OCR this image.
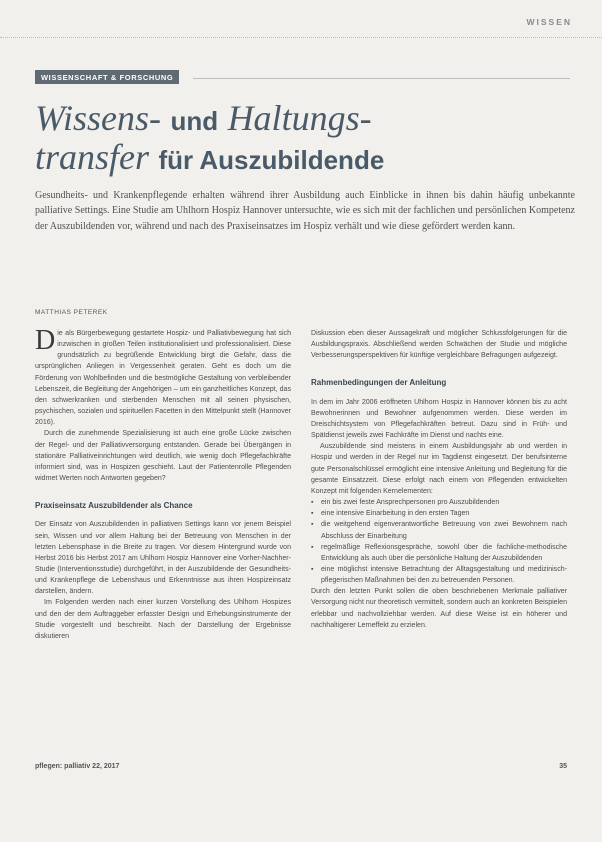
WISSEN
WISSENSCHAFT & FORSCHUNG
Wissens- und Haltungs-
transfer für Auszubildende
Gesundheits- und Krankenpflegende erhalten während ihrer Ausbildung auch Einblicke in ihnen bis dahin häufig unbekannte palliative Settings. Eine Studie am Uhlhorn Hospiz Hannover untersuchte, wie es sich mit der fachlichen und persönlichen Kompetenz der Auszubildenden vor, während und nach des Praxiseinsatzes im Hospiz verhält und wie diese gefördert werden kann.
MATTHIAS PETEREK

Die als Bürgerbewegung gestartete Hospiz- und Palliativbewegung hat sich inzwischen in großen Teilen institutionalisiert und professionalisiert. Diese grundsätzlich zu begrüßende Entwicklung birgt die Gefahr, dass die ursprünglichen Anliegen in Vergessenheit geraten. Geht es doch um die Förderung von Wohlbefinden und die bestmögliche Gestaltung von verbleibender Lebenszeit, die Begleitung der Angehörigen – um ein ganzheitliches Konzept, das den schwerkranken und sterbenden Menschen mit all seinen physischen, psychischen, sozialen und spirituellen Facetten in den Mittelpunkt stellt (Hannover 2016).

Durch die zunehmende Spezialisierung ist auch eine große Lücke zwischen der Regel- und der Palliativversorgung entstanden. Gerade bei Übergängen in stationäre Palliativeinrichtungen wird deutlich, wie wenig doch Pflegefachkräfte informiert sind, was in Hospizen geschieht. Laut der Patientenrolle Pflegenden widmet Werten noch Antworten gegeben?

Praxiseinsatz Auszubildender als Chance

Der Einsatz von Auszubildenden in palliativen Settings kann vor jenem Beispiel sein, Wissen und vor allem Haltung bei der Betreuung von Menschen in der letzten Lebensphase in die Breite zu tragen. Vor diesem Hintergrund wurde von Herbst 2016 bis Herbst 2017 am Uhlhorn Hospiz Hannover eine Vorher-Nachher-Studie (Interventionsstudie) durchgeführt, in der Auszubildende der Gesundheits- und Krankenpflege die Lebenshaus und Erkenntnisse aus ihren Hospizeinsatz darstellen, ändern.

Im Folgenden werden nach einer kurzen Vorstellung des Uhlhorn Hospizes und den der dem Auftraggeber erfasster Design und Erhebungsinstrumente der Studie vorgestellt und beschreibt. Nach der Darstellung der Ergebnisse diskutieren

Diskussion eben dieser Aussagekraft und möglicher Schlussfolgerungen für die Ausbildungspraxis. Abschließend werden Schwächen der Studie und mögliche Verbesserungsperspektiven für künftige vergleichbare Befragungen aufgezeigt.

Rahmenbedingungen der Anleitung

In dem im Jahr 2006 eröffneten Uhlhorn Hospiz in Hannover können bis zu acht Bewohnerinnen und Bewohner aufgenommen werden. Diese werden im Dreischichtsystem von Pflegefachkräften betreut. Dazu sind in Früh- und Spätdienst jeweils zwei Fachkräfte im Dienst und nachts eine.

Auszubildende sind meistens in einem Ausbildungsjahr ab und werden in Hospiz und werden in der Regel nur im Tagdienst eingesetzt. Der berufsinterne gute Personalschlüssel ermöglicht eine intensive Anleitung und Begleitung für die gesamte Einsatzzeit. Diese erfolgt nach einem von Pflegenden entwickelten Konzept mit folgenden Kernelementen:

▪ ein bis zwei feste Ansprechpersonen pro Auszubildenden
▪ eine intensive Einarbeitung in den ersten Tagen
▪ die weitgehend eigenverantwortliche Betreuung von zwei Bewohnern nach Abschluss der Einarbeitung
▪ regelmäßige Reflexionsgespräche, sowohl über die fachliche-methodische Entwicklung als auch über die persönliche Haltung der Auszubildenden
▪ eine möglichst intensive Betrachtung der Alltagsgestaltung und medizinisch-pflegerischen Maßnahmen bei den zu betreuenden Personen.

Durch den letzten Punkt sollen die oben beschriebenen Merkmale palliativer Versorgung nicht nur theoretisch vermittelt, sondern auch an konkreten Beispielen erlebbar und nachvollziehbar werden. Auf diese Weise ist ein höherer und nachhaltigerer Lerneffekt zu erzielen.

pflegen: palliativ 22, 2017	35
